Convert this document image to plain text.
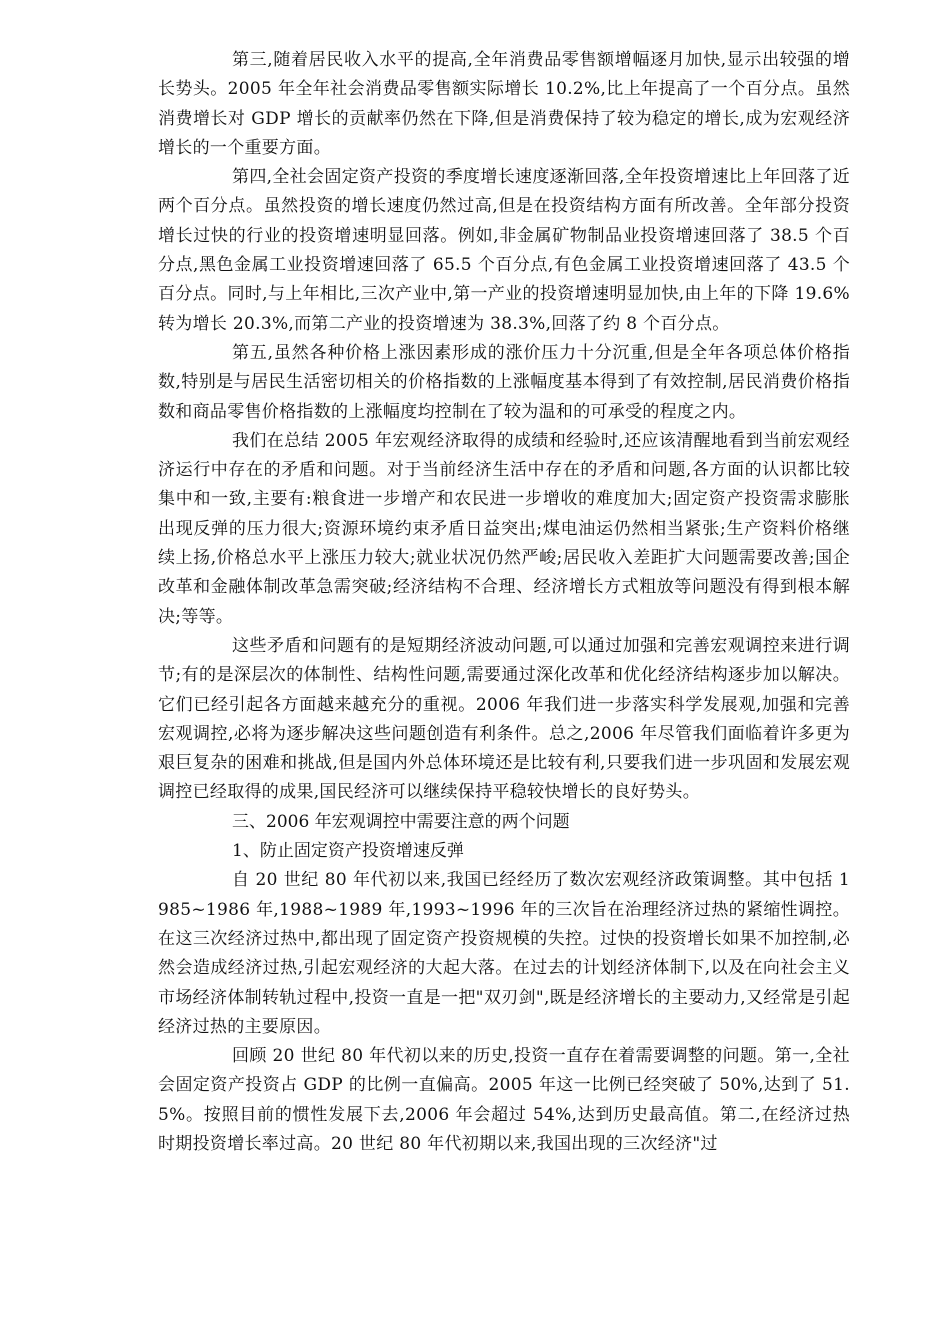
第三,随着居民收入水平的提高,全年消费品零售额增幅逐月加快,显示出较强的增长势头。2005 年全年社会消费品零售额实际增长 10.2%,比上年提高了一个百分点。虽然消费增长对 GDP 增长的贡献率仍然在下降,但是消费保持了较为稳定的增长,成为宏观经济增长的一个重要方面。

第四,全社会固定资产投资的季度增长速度逐渐回落,全年投资增速比上年回落了近两个百分点。虽然投资的增长速度仍然过高,但是在投资结构方面有所改善。全年部分投资增长过快的行业的投资增速明显回落。例如,非金属矿物制品业投资增速回落了 38.5 个百分点,黑色金属工业投资增速回落了 65.5 个百分点,有色金属工业投资增速回落了 43.5 个百分点。同时,与上年相比,三次产业中,第一产业的投资增速明显加快,由上年的下降 19.6%转为增长 20.3%,而第二产业的投资增速为 38.3%,回落了约 8 个百分点。

第五,虽然各种价格上涨因素形成的涨价压力十分沉重,但是全年各项总体价格指数,特别是与居民生活密切相关的价格指数的上涨幅度基本得到了有效控制,居民消费价格指数和商品零售价格指数的上涨幅度均控制在了较为温和的可承受的程度之内。

我们在总结 2005 年宏观经济取得的成绩和经验时,还应该清醒地看到当前宏观经济运行中存在的矛盾和问题。对于当前经济生活中存在的矛盾和问题,各方面的认识都比较集中和一致,主要有:粮食进一步增产和农民进一步增收的难度加大;固定资产投资需求膨胀出现反弹的压力很大;资源环境约束矛盾日益突出;煤电油运仍然相当紧张;生产资料价格继续上扬,价格总水平上涨压力较大;就业状况仍然严峻;居民收入差距扩大问题需要改善;国企改革和金融体制改革急需突破;经济结构不合理、经济增长方式粗放等问题没有得到根本解决;等等。

这些矛盾和问题有的是短期经济波动问题,可以通过加强和完善宏观调控来进行调节;有的是深层次的体制性、结构性问题,需要通过深化改革和优化经济结构逐步加以解决。它们已经引起各方面越来越充分的重视。2006 年我们进一步落实科学发展观,加强和完善宏观调控,必将为逐步解决这些问题创造有利条件。总之,2006 年尽管我们面临着许多更为艰巨复杂的困难和挑战,但是国内外总体环境还是比较有利,只要我们进一步巩固和发展宏观调控已经取得的成果,国民经济可以继续保持平稳较快增长的良好势头。

三、2006 年宏观调控中需要注意的两个问题

1、防止固定资产投资增速反弹

自 20 世纪 80 年代初以来,我国已经经历了数次宏观经济政策调整。其中包括 1985~1986 年,1988~1989 年,1993~1996 年的三次旨在治理经济过热的紧缩性调控。在这三次经济过热中,都出现了固定资产投资规模的失控。过快的投资增长如果不加控制,必然会造成经济过热,引起宏观经济的大起大落。在过去的计划经济体制下,以及在向社会主义市场经济体制转轨过程中,投资一直是一把"双刃剑",既是经济增长的主要动力,又经常是引起经济过热的主要原因。

回顾 20 世纪 80 年代初以来的历史,投资一直存在着需要调整的问题。第一,全社会固定资产投资占 GDP 的比例一直偏高。2005 年这一比例已经突破了 50%,达到了 51.5%。按照目前的惯性发展下去,2006 年会超过 54%,达到历史最高值。第二,在经济过热时期投资增长率过高。20 世纪 80 年代初期以来,我国出现的三次经济"过
